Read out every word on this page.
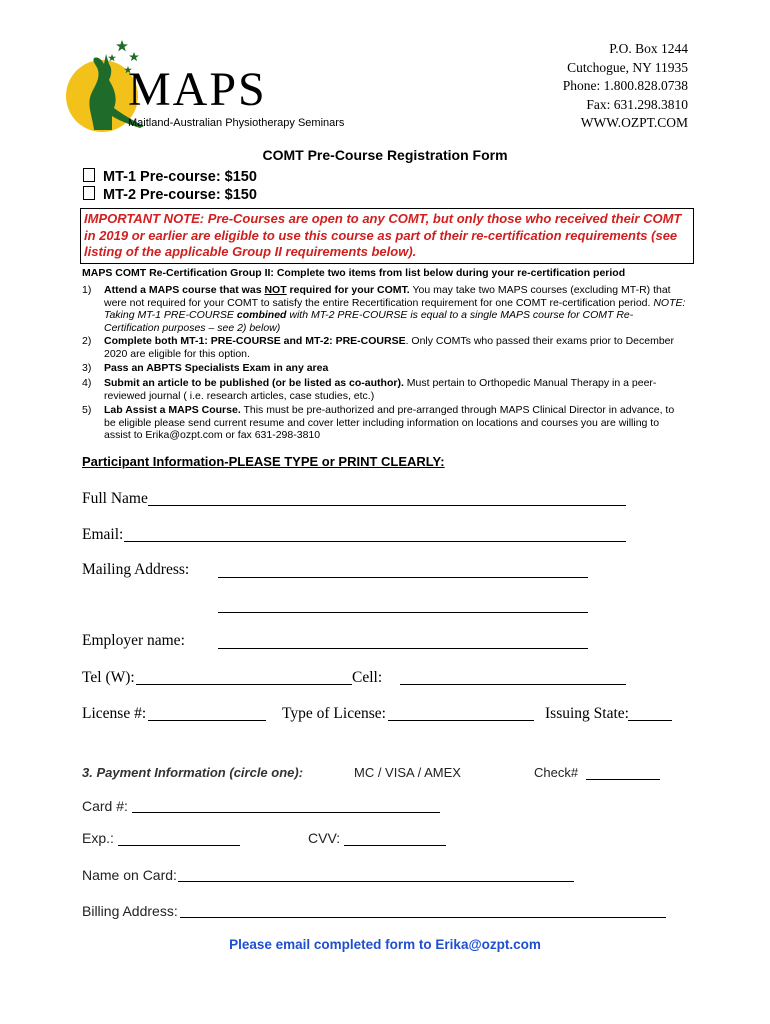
MAPS
Maitland-Australian Physiotherapy Seminars
P.O. Box 1244
Cutchogue, NY 11935
Phone: 1.800.828.0738
Fax: 631.298.3810
WWW.OZPT.COM
COMT Pre-Course Registration Form
MT-1 Pre-course: $150
MT-2 Pre-course: $150
IMPORTANT NOTE: Pre-Courses are open to any COMT, but only those who received their COMT in 2019 or earlier are eligible to use this course as part of their re-certification requirements (see listing of the applicable Group II requirements below).
MAPS COMT Re-Certification Group II: Complete two items from list below during your re-certification period
1) Attend a MAPS course that was NOT required for your COMT. You may take two MAPS courses (excluding MT-R) that were not required for your COMT to satisfy the entire Recertification requirement for one COMT re-certification period. NOTE: Taking MT-1 PRE-COURSE combined with MT-2 PRE-COURSE is equal to a single MAPS course for COMT Re-Certification purposes – see 2) below)
2) Complete both MT-1: PRE-COURSE and MT-2: PRE-COURSE. Only COMTs who passed their exams prior to December 2020 are eligible for this option.
3) Pass an ABPTS Specialists Exam in any area
4) Submit an article to be published (or be listed as co-author). Must pertain to Orthopedic Manual Therapy in a peer-reviewed journal ( i.e. research articles, case studies, etc.)
5) Lab Assist a MAPS Course. This must be pre-authorized and pre-arranged through MAPS Clinical Director in advance, to be eligible please send current resume and cover letter including information on locations and courses you are willing to assist to Erika@ozpt.com or fax 631-298-3810
Participant Information-PLEASE TYPE or PRINT CLEARLY:
Full Name
Email:
Mailing Address:
Employer name:
Tel (W):	Cell:
License #:	Type of License:	Issuing State:
3. Payment Information (circle one):	MC / VISA / AMEX	Check#
Card #:
Exp.:	CVV:
Name on Card:
Billing Address:
Please email completed form to Erika@ozpt.com
